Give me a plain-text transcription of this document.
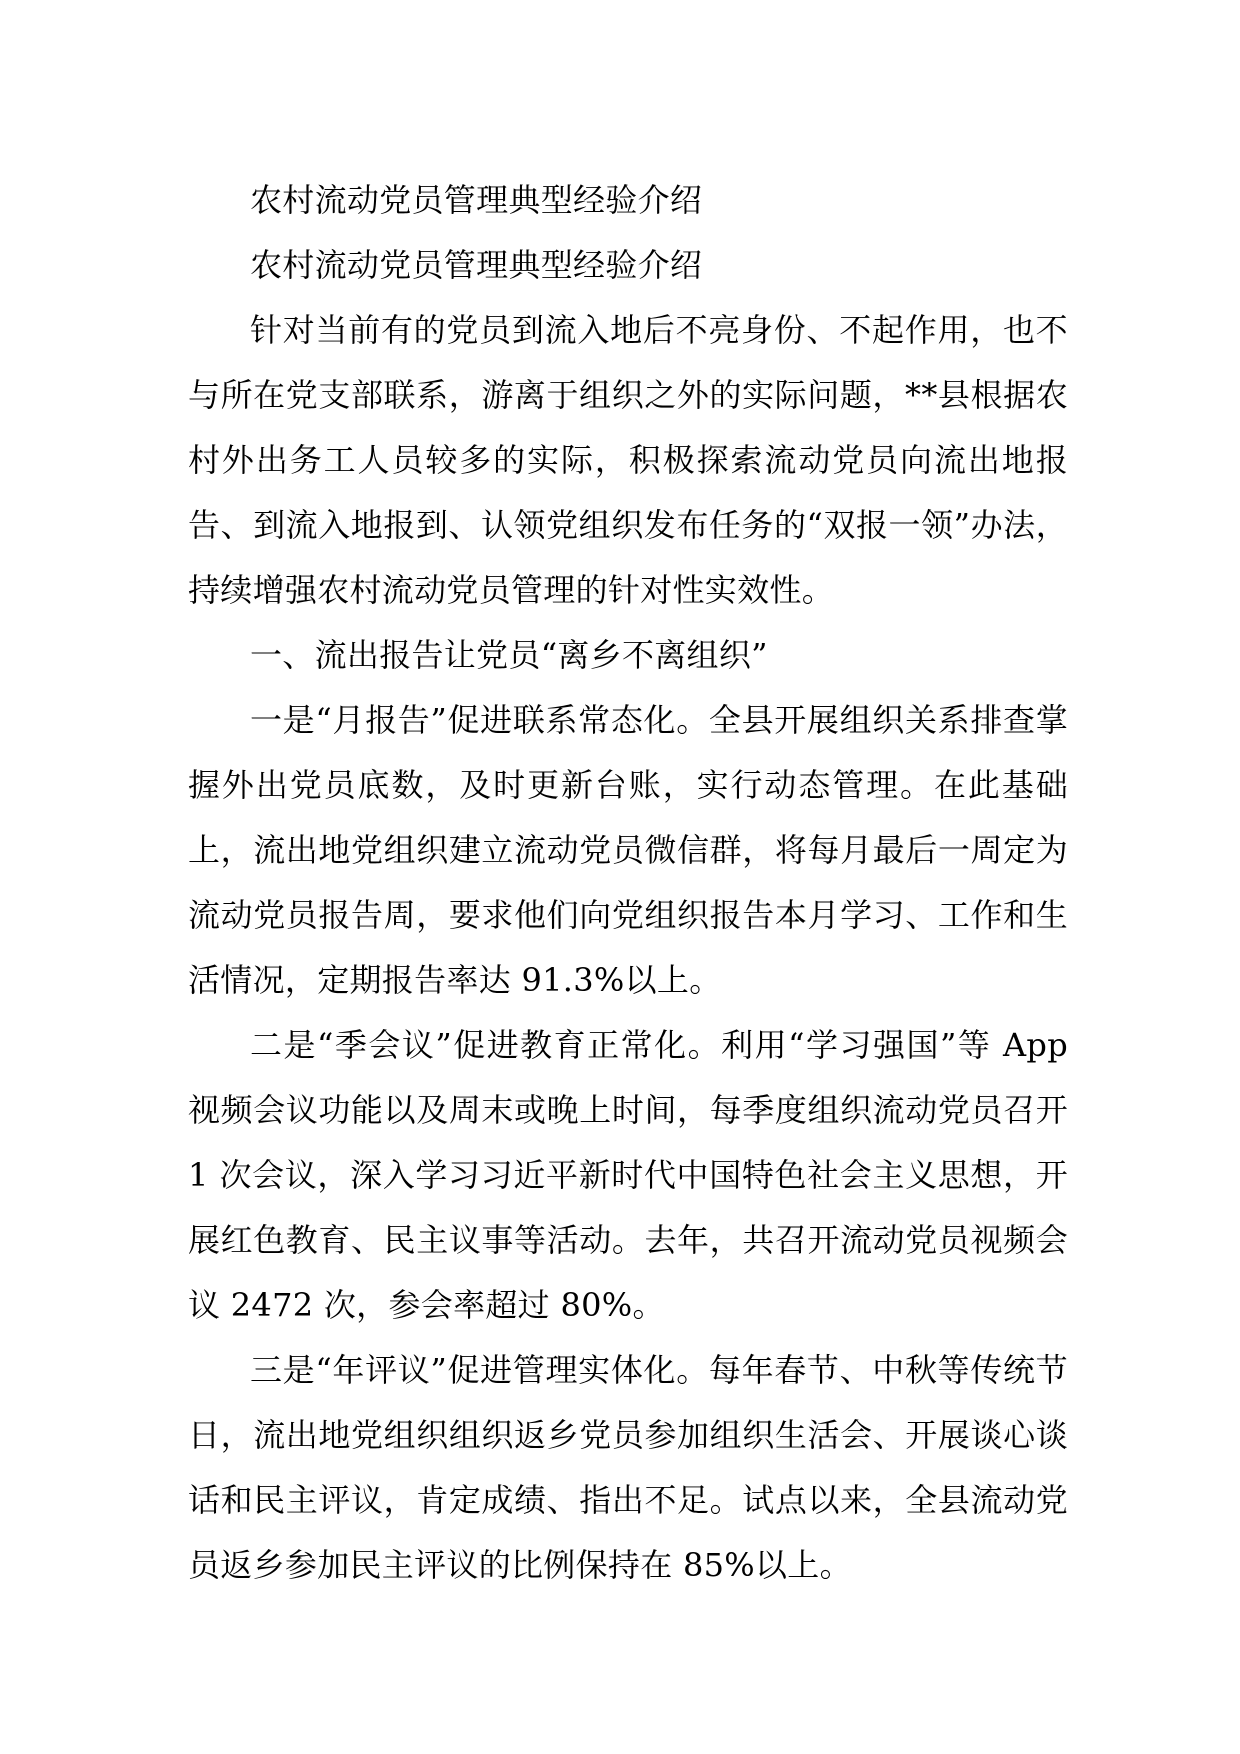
农村流动党员管理典型经验介绍

农村流动党员管理典型经验介绍

针对当前有的党员到流入地后不亮身份、不起作用，也不与所在党支部联系，游离于组织之外的实际问题，**县根据农村外出务工人员较多的实际，积极探索流动党员向流出地报告、到流入地报到、认领党组织发布任务的“双报一领”办法，持续增强农村流动党员管理的针对性实效性。

一、流出报告让党员“离乡不离组织”

一是“月报告”促进联系常态化。全县开展组织关系排查掌握外出党员底数，及时更新台账，实行动态管理。在此基础上，流出地党组织建立流动党员微信群，将每月最后一周定为流动党员报告周，要求他们向党组织报告本月学习、工作和生活情况，定期报告率达 91.3%以上。

二是“季会议”促进教育正常化。利用“学习强国”等 App 视频会议功能以及周末或晚上时间，每季度组织流动党员召开 1 次会议，深入学习习近平新时代中国特色社会主义思想，开展红色教育、民主议事等活动。去年，共召开流动党员视频会议 2472 次，参会率超过 80%。

三是“年评议”促进管理实体化。每年春节、中秋等传统节日，流出地党组织组织返乡党员参加组织生活会、开展谈心谈话和民主评议，肯定成绩、指出不足。试点以来，全县流动党员返乡参加民主评议的比例保持在 85%以上。
